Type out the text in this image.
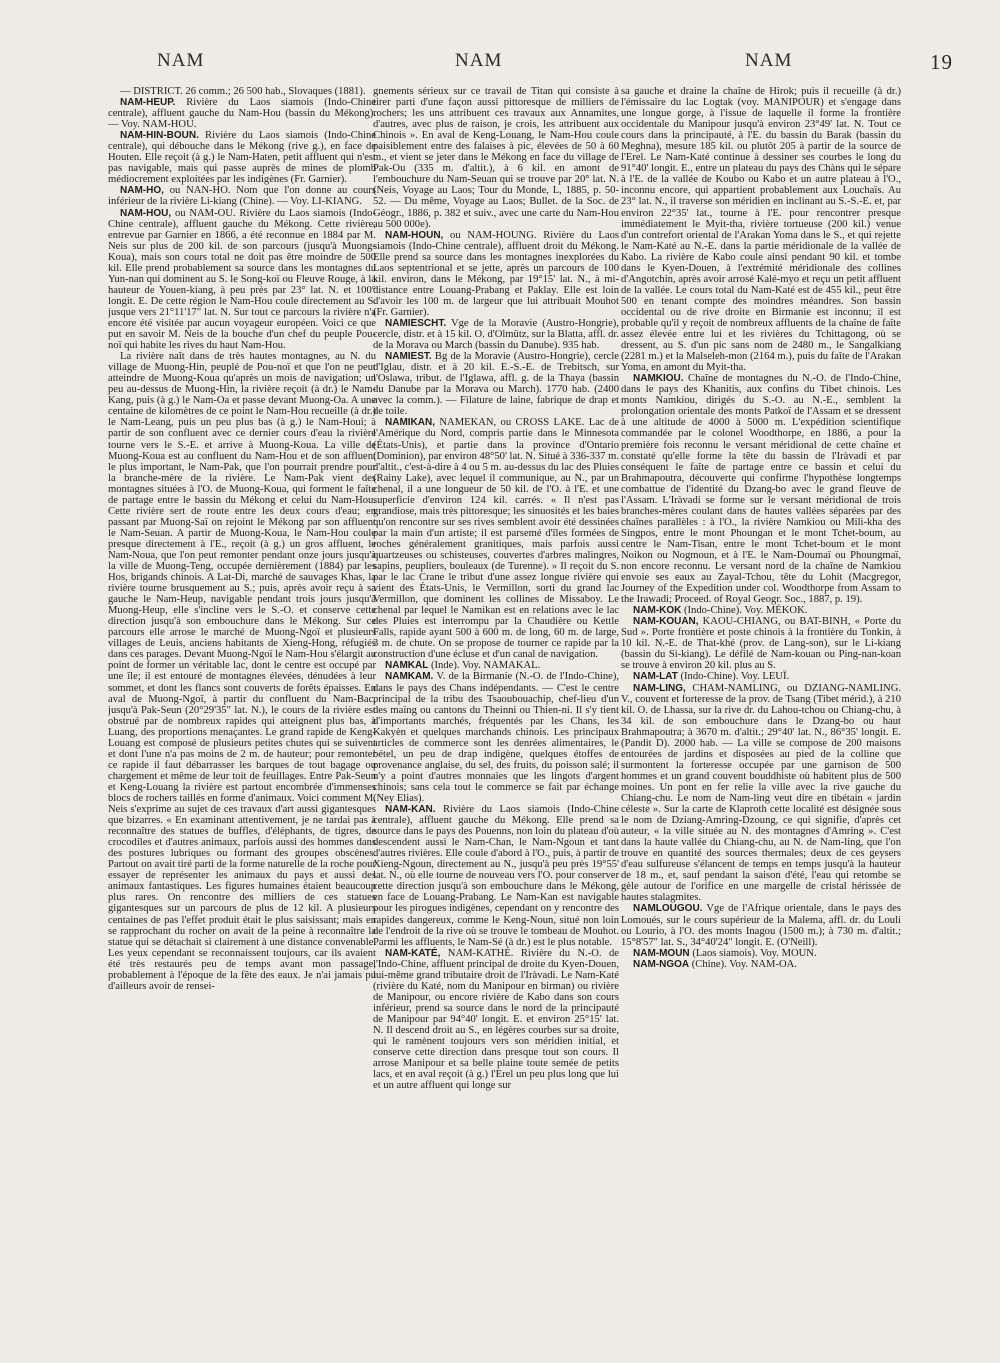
NAM	NAM	NAM	19

— DISTRICT. 26 comm.; 26 500 hab., Slovaques (1881).

NAM-HEUP. Rivière du Laos siamois (Indo-Chine centrale), affluent gauche du Nam-Hou (bassin du Mékong). — Voy. NAM-HOU.

NAM-HIN-BOUN. Rivière du Laos siamois (Indo-Chine centrale), qui débouche dans le Mékong (rive g.), en face de Houten. Elle reçoit (à g.) le Nam-Haten, petit affluent qui n'est pas navigable, mais qui passe auprès de mines de plomb médiocrement exploitées par les indigènes (Fr. Garnier).

NAM-HO, ou NAN-HO. Nom que l'on donne au cours inférieur de la rivière Li-kiang (Chine). — Voy. LI-KIANG.

NAM-HOU, ou NAM-OU. Rivière du Laos siamois (Indo-Chine centrale), affluent gauche du Mékong. Cette rivière, entrevue par Garnier en 1866, a été reconnue en 1884 par M. Neis sur plus de 200 kil. de son parcours (jusqu'à Muong-Koua), mais son cours total ne doit pas être moindre de 500 kil. Elle prend probablement sa source dans les montagnes du Yun-nan qui dominent au S. le Song-koï ou Fleuve Rouge, à la hauteur de Youen-kiang, à peu près par 23° lat. N. et 100° longit. E. De cette région le Nam-Hou coule directement au S. jusque vers 21°11'17" lat. N. Sur tout ce parcours la rivière n'a encore été visitée par aucun voyageur européen. Voici ce que put en savoir M. Neis de la bouche d'un chef du peuple Pou-noï qui habite les rives du haut Nam-Hou.

La rivière naît dans de très hautes montagnes, au N. du village de Muong-Hin, peuplé de Pou-noï et que l'on ne peut atteindre de Muong-Koua qu'après un mois de navigation; un peu au-dessus de Muong-Hin, la rivière reçoit (à dr.) le Nam-Kang, puis (à g.) le Nam-Oa et passe devant Muong-Oa. A une centaine de kilomètres de ce point le Nam-Hou recueille (à dr.) le Nam-Leang, puis un peu plus bas (à g.) le Nam-Houi; à partir de son confluent avec ce dernier cours d'eau la rivière tourne vers le S.-E. et arrive à Muong-Koua. La ville de Muong-Koua est au confluent du Nam-Hou et de son affluent le plus important, le Nam-Pak, que l'on pourrait prendre pour la branche-mère de la rivière. Le Nam-Pak vient des montagnes situées à l'O. de Muong-Koua, qui forment le faîte de partage entre le bassin du Mékong et celui du Nam-Hou. Cette rivière sert de route entre les deux cours d'eau; en passant par Muong-Saï on rejoint le Mékong par son affluent le Nam-Seuan. A partir de Muong-Koua, le Nam-Hou coule presque directement à l'E., reçoit (à g.) un gros affluent, le Nam-Noua, que l'on peut remonter pendant onze jours jusqu'à la ville de Muong-Teng, occupée dernièrement (1884) par les Hos, brigands chinois. A Lat-Di, marché de sauvages Khas, la rivière tourne brusquement au S.; puis, après avoir reçu à sa gauche le Nam-Heup, navigable pendant trois jours jusqu'à Muong-Heup, elle s'incline vers le S.-O. et conserve cette direction jusqu'à son embouchure dans le Mékong. Sur ce parcours elle arrose le marché de Muong-Ngoï et plusieurs villages de Leuis, anciens habitants de Xieng-Hong, réfugiés dans ces parages. Devant Muong-Ngoï le Nam-Hou s'élargit au point de former un véritable lac, dont le centre est occupé par une île; il est entouré de montagnes élevées, dénudées à leur sommet, et dont les flancs sont couverts de forêts épaisses. En aval de Muong-Ngoï, à partir du confluent du Nam-Bac, jusqu'à Pak-Seun (20°29'35" lat. N.), le cours de la rivière est obstrué par de nombreux rapides qui atteignent plus bas, à Luang, des proportions menaçantes. Le grand rapide de Keng-Louang est composé de plusieurs petites chutes qui se suivent et dont l'une n'a pas moins de 2 m. de hauteur; pour remonter ce rapide il faut débarrasser les barques de tout bagage ou chargement et même de leur toit de feuillages. Entre Pak-Seun et Keng-Louang la rivière est partout encombrée d'immenses blocs de rochers taillés en forme d'animaux. Voici comment M. Neis s'exprime au sujet de ces travaux d'art aussi gigantesques que bizarres. « En examinant attentivement, je ne tardai pas à reconnaître des statues de buffles, d'éléphants, de tigres, de crocodiles et d'autres animaux, parfois aussi des hommes dans des postures lubriques ou formant des groupes obscènes. Partout on avait tiré parti de la forme naturelle de la roche pour essayer de représenter les animaux du pays et aussi des animaux fantastiques. Les figures humaines étaient beaucoup plus rares. On rencontre des milliers de ces statues gigantesques sur un parcours de plus de 12 kil. A plusieurs centaines de pas l'effet produit était le plus saisissant; mais en se rapprochant du rocher on avait de la peine à reconnaître la statue qui se détachait si clairement à une distance convenable. Les yeux cependant se reconnaissent toujours, car ils avaient été très restaurés peu de temps avant mon passage, probablement à l'époque de la fête des eaux. Je n'ai jamais pu d'ailleurs avoir de rensei-

gnements sérieux sur ce travail de Titan qui consiste à tirer parti d'une façon aussi pittoresque de milliers de rochers; les uns attribuent ces travaux aux Annamites, d'autres, avec plus de raison, je crois, les attribuent aux Chinois ». En aval de Keng-Louang, le Nam-Hou coule paisiblement entre des falaises à pic, élevées de 50 à 60 m., et vient se jeter dans le Mékong en face du village de Pak-Ou (335 m. d'altit.), à 6 kil. en amont de l'embouchure du Nam-Seuan qui se trouve par 20° lat. N. (Neis, Voyage au Laos; Tour du Monde, L, 1885, p. 50-52. — Du même, Voyage au Laos; Bullet. de la Soc. de Géogr., 1886, p. 382 et suiv., avec une carte du Nam-Hou au 500 000e).

NAM-HOUN, ou NAM-HOUNG. Rivière du Laos siamois (Indo-Chine centrale), affluent droit du Mékong. Elle prend sa source dans les montagnes inexplorées du Laos septentrional et se jette, après un parcours de 100 kil. environ, dans le Mékong, par 19°15' lat. N., à mi-distance entre Louang-Prabang et Paklay. Elle est loin d'avoir les 100 m. de largeur que lui attribuait Mouhot (Fr. Garnier).

NAMIESCHT. Vge de la Moravie (Austro-Hongrie), cercle, distr. et à 15 kil. O. d'Olmütz, sur la Blatta, affl. dr. de la Morava ou March (bassin du Danube). 935 hab.

NAMIEST. Bg de la Moravie (Austro-Hongrie), cercle d'Iglau, distr. et à 20 kil. E.-S.-E. de Trebitsch, sur l'Oslawa, tribut. de l'Iglawa, affl. g. de la Thaya (bassin du Danube par la Morava ou March). 1770 hab. (2400 avec la comm.). — Filature de laine, fabrique de drap et de toile.

NAMIKAN, NAMEKAN, ou CROSS LAKE. Lac de l'Amérique du Nord, compris partie dans le Minnesota (États-Unis), et partie dans la province d'Ontario (Dominion), par environ 48°50' lat. N. Situé à 336-337 m. d'altit., c'est-à-dire à 4 ou 5 m. au-dessus du lac des Pluies (Rainy Lake), avec lequel il communique, au N., par un chenal, il a une longueur de 50 kil. de l'O. à l'E. et une superficie d'environ 124 kil. carrés. « Il n'est pas grandiose, mais très pittoresque; les sinuosités et les baies qu'on rencontre sur ses rives semblent avoir été dessinées par la main d'un artiste; il est parsemé d'îles formées de roches généralement granitiques, mais parfois aussi quartzeuses ou schisteuses, couvertes d'arbres malingres, sapins, peupliers, bouleaux (de Turenne). » Il reçoit du S. par le lac Crane le tribut d'une assez longue rivière qui vient des États-Unis, le Vermillon, sorti du grand lac Vermillon, que dominent les collines de Missaboy. Le chenal par lequel le Namikan est en relations avec le lac des Pluies est interrompu par la Chaudière ou Kettle Falls, rapide ayant 500 à 600 m. de long, 60 m. de large, 3 m. de chute. On se propose de tourner ce rapide par la construction d'une écluse et d'un canal de navigation.

NAMKAL (Inde). Voy. NAMAKAL.

NAMKAM. V. de la Birmanie (N.-O. de l'Indo-Chine), dans le pays des Chans indépendants. — C'est le centre principal de la tribu des Tsaoubouachip, chef-lieu d'un des maïng ou cantons du Theinni ou Thien-ni. Il s'y tient d'importants marchés, fréquentés par les Chans, les Kakyèn et quelques marchands chinois. Les principaux articles de commerce sont les denrées alimentaires, le bétel, un peu de drap indigène, quelques étoffes de provenance anglaise, du sel, des fruits, du poisson salé; il n'y a point d'autres monnaies que les lingots d'argent chinois; sans cela tout le commerce se fait par échange (Ney Elias).

NAM-KAN. Rivière du Laos siamois (Indo-Chine centrale), affluent gauche du Mékong. Elle prend sa source dans le pays des Pouenns, non loin du plateau d'où descendent aussi le Nam-Chan, le Nam-Ngoun et tant d'autres rivières. Elle coule d'abord à l'O., puis, à partir de Xieng-Ngoun, directement au N., jusqu'à peu près 19°55' lat. N., où elle tourne de nouveau vers l'O. pour conserver cette direction jusqu'à son embouchure dans le Mékong, en face de Louang-Prabang. Le Nam-Kan est navigable pour les pirogues indigènes, cependant on y rencontre des rapides dangereux, comme le Keng-Noun, situé non loin de l'endroit de la rive où se trouve le tombeau de Mouhot. Parmi les affluents, le Nam-Sé (à dr.) est le plus notable.

NAM-KATÉ, NAM-KATHÉ. Rivière du N.-O. de l'Indo-Chine, affluent principal de droite du Kyen-Douen, lui-même grand tributaire droit de l'Iràvadi. Le Nam-Katé (rivière du Katé, nom du Manipour en birman) ou rivière de Manipour, ou encore rivière de Kabo dans son cours inférieur, prend sa source dans le nord de la principauté de Manipour par 94°40' longit. E. et environ 25°15' lat. N. Il descend droit au S., en légères courbes sur sa droite, qui le ramènent toujours vers son méridien initial, et conserve cette direction dans presque tout son cours. Il arrose Manipour et sa belle plaine toute semée de petits lacs, et en aval reçoit (à g.) l'Erel un peu plus long que lui et un autre affluent qui longe sur

sa gauche et draine la chaîne de Hirok; puis il recueille (à dr.) l'émissaire du lac Logtak (voy. MANIPOUR) et s'engage dans une longue gorge, à l'issue de laquelle il forme la frontière occidentale du Manipour jusqu'à environ 23°49' lat. N. Tout ce cours dans la principauté, à l'E. du bassin du Barak (bassin du Meghna), mesure 185 kil. ou plutôt 205 à partir de la source de l'Erel. Le Nam-Katé continue à dessiner ses courbes le long du 91°40' longit. E., entre un plateau du pays des Chàns qui le sépare à l'E. de la vallée de Koubo ou Kabo et un autre plateau à l'O., inconnu encore, qui appartient probablement aux Louchaïs. Au 23° lat. N., il traverse son méridien en inclinant au S.-S.-E. et, par environ 22°35' lat., tourne à l'E. pour rencontrer presque immédiatement le Myit-tha, rivière tortueuse (200 kil.) venue d'un contrefort oriental de l'Arakan Yoma dans le S., et qui rejette le Nam-Katé au N.-E. dans la partie méridionale de la vallée de Kabo. La rivière de Kabo coule ainsi pendant 90 kil. et tombe dans le Kyen-Douen, à l'extrémité méridionale des collines d'Angotchin, après avoir arrosé Kalé-myo et reçu un petit affluent de la vallée. Le cours total du Nam-Katé est de 455 kil., peut être 500 en tenant compte des moindres méandres. Son bassin occidental ou de rive droite en Birmanie est inconnu; il est probable qu'il y reçoit de nombreux affluents de la chaîne de faîte assez élevée entre lui et les rivières du Tchittagong, où se dressent, au S. d'un pic sans nom de 2480 m., le Sangalkiang (2281 m.) et la Malseleh-mon (2164 m.), puis du faîte de l'Arakan Yoma, en amont du Myit-tha.

NAMKIOU. Chaîne de montagnes du N.-O. de l'Indo-Chine, dans le pays des Khanitis, aux confins du Tibet chinois. Les monts Namkiou, dirigés du S.-O. au N.-E., semblent la prolongation orientale des monts Patkoï de l'Assam et se dressent à une altitude de 4000 à 5000 m. L'expédition scientifique commandée par le colonel Woodthorpe, en 1886, a pour la première fois reconnu le versant méridional de cette chaîne et constaté qu'elle forme la tête du bassin de l'Iràvadi et par conséquent le faîte de partage entre ce bassin et celui du Brahmapoutra, découverte qui confirme l'hypothèse longtemps combattue de l'identité du Dzang-bo avec le grand fleuve de l'Assam. L'Iràvadi se forme sur le versant méridional de trois branches-mères coulant dans de hautes vallées séparées par des chaînes parallèles : à l'O., la rivière Namkiou ou Mili-kha des Singpos, entre le mont Phoungan et le mont Tchet-boum, au centre le Nam-Tisan, entre le mont Tchet-boum et le mont Noikon ou Nogmoun, et à l'E. le Nam-Doumaï ou Phoungmaï, non encore reconnu. Le versant nord de la chaîne de Namkiou envoie ses eaux au Zayal-Tchou, tête du Lohit (Macgregor, Journey of the Expedition under col. Woodthorpe from Assam to the Irawadi; Proceed. of Royal Geogr. Soc., 1887, p. 19).

NAM-KOK (Indo-Chine). Voy. MÉKOK.

NAM-KOUAN, KAOU-CHIANG, ou BAT-BINH, « Porte du Sud ». Porte frontière et poste chinois à la frontière du Tonkin, à 10 kil. N.-E. de That-khé (prov. de Lang-son), sur le Li-kiang (bassin du Si-kiang). Le défilé de Nam-kouan ou Ping-nan-koan se trouve à environ 20 kil. plus au S.

NAM-LAT (Indo-Chine). Voy. LEUÏ.

NAM-LING, CHAM-NAMLING, ou DZIANG-NAMLING. V., couvent et forteresse de la prov. de Tsang (Tibet mérid.), à 210 kil. O. de Lhassa, sur la rive dr. du Lahou-tchou ou Chiang-chu, à 34 kil. de son embouchure dans le Dzang-bo ou haut Brahmapoutra; à 3670 m. d'altit.; 29°40' lat. N., 86°35' longit. E. (Pandit D). 2000 hab. — La ville se compose de 200 maisons entourées de jardins et disposées au pied de la colline que surmontent la forteresse occupée par une garnison de 500 hommes et un grand couvent bouddhiste où habitent plus de 500 moines. Un pont en fer relie la ville avec la rive gauche du Chiang-chu. Le nom de Nam-ling veut dire en tibétain « jardin céleste ». Sur la carte de Klaproth cette localité est désignée sous le nom de Dziang-Amring-Dzoung, ce qui signifie, d'après cet auteur, « la ville située au N. des montagnes d'Amring ». C'est dans la haute vallée du Chiang-chu, au N. de Nam-ling, que l'on trouve en quantité des sources thermales; deux de ces geysers d'eau sulfureuse s'élancent de temps en temps jusqu'à la hauteur de 18 m., et, sauf pendant la saison d'été, l'eau qui retombe se gèle autour de l'orifice en une margelle de cristal hérissée de hautes stalagmites.

NAMLOUGOU. Vge de l'Afrique orientale, dans le pays des Lomoués, sur le cours supérieur de la Malema, affl. dr. du Louli ou Lourio, à l'O. des monts Inagou (1500 m.); à 730 m. d'altit.; 15°8'57" lat. S., 34°40'24" longit. E. (O'Neill).

NAM-MOUN (Laos siamois). Voy. MOUN.

NAM-NGOA (Chine). Voy. NAM-OA.
